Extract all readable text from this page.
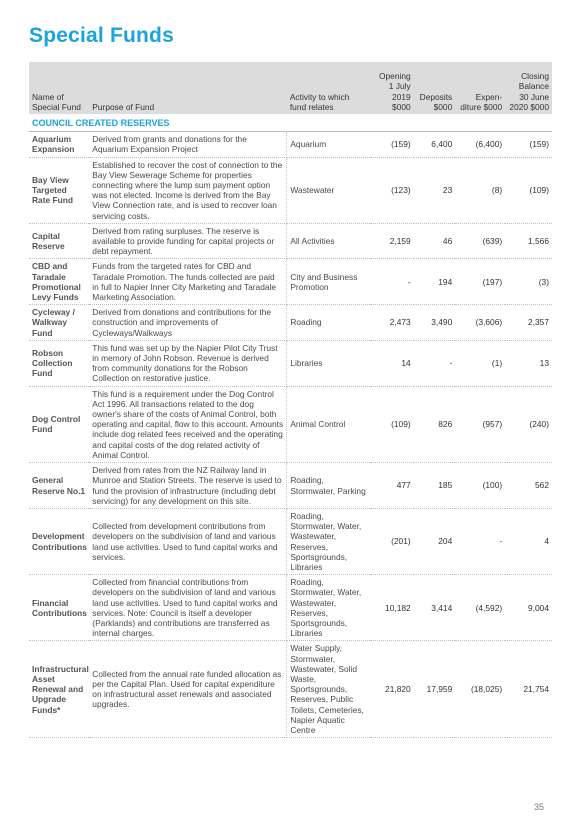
Special Funds
Name of Special Fund	Purpose of Fund	Activity to which fund relates	Opening 1 July 2019 $000	Deposits $000	Expen-diture $000	Closing Balance 30 June 2020 $000
COUNCIL CREATED RESERVES						
Aquarium Expansion	Derived from grants and donations for the Aquarium Expansion Project	Aquarium	(159)	6,400	(6,400)	(159)
Bay View Targeted Rate Fund	Established to recover the cost of connection to the Bay View Sewerage Scheme for properties connecting where the lump sum payment option was not elected. Income is derived from the Bay View Connection rate, and is used to recover loan servicing costs.	Wastewater	(123)	23	(8)	(109)
Capital Reserve	Derived from rating surpluses. The reserve is available to provide funding for capital projects or debt repayment.	All Activities	2,159	46	(639)	1,566
CBD and Taradale Promotional Levy Funds	Funds from the targeted rates for CBD and Taradale Promotion. The funds collected are paid in full to Napier Inner City Marketing and Taradale Marketing Association.	City and Business Promotion	-	194	(197)	(3)
Cycleway / Walkway Fund	Derived from donations and contributions for the construction and improvements of Cycleways/Walkways	Roading	2,473	3,490	(3,606)	2,357
Robson Collection Fund	This fund was set up by the Napier Pilot City Trust in memory of John Robson. Revenue is derived from community donations for the Robson Collection on restorative justice.	Libraries	14	-	(1)	13
Dog Control Fund	This fund is a requirement under the Dog Control Act 1996. All transactions related to the dog owner's share of the costs of Animal Control, both operating and capital, flow to this account. Amounts include dog related fees received and the operating and capital costs of the dog related activity of Animal Control.	Animal Control	(109)	826	(957)	(240)
General Reserve No.1	Derived from rates from the NZ Railway land in Munroe and Station Streets. The reserve is used to fund the provision of infrastructure (including debt servicing) for any development on this site.	Roading, Stormwater, Parking	477	185	(100)	562
Development Contributions	Collected from development contributions from developers on the subdivision of land and various land use activities. Used to fund capital works and services.	Roading, Stormwater, Water, Wastewater, Reserves, Sportsgrounds, Libraries	(201)	204	-	4
Financial Contributions	Collected from financial contributions from developers on the subdivision of land and various land use activities. Used to fund capital works and services. Note: Council is itself a developer (Parklands) and contributions are transferred as internal charges.	Roading, Stormwater, Water, Wastewater, Reserves, Sportsgrounds, Libraries	10,182	3,414	(4,592)	9,004
Infrastructural Asset Renewal and Upgrade Funds*	Collected from the annual rate funded allocation as per the Capital Plan. Used for capital expenditure on infrastructural asset renewals and associated upgrades.	Water Supply, Stormwater, Wastewater, Solid Waste, Sportsgrounds, Reserves, Public Toilets, Cemeteries, Napier Aquatic Centre	21,820	17,959	(18,025)	21,754
35
